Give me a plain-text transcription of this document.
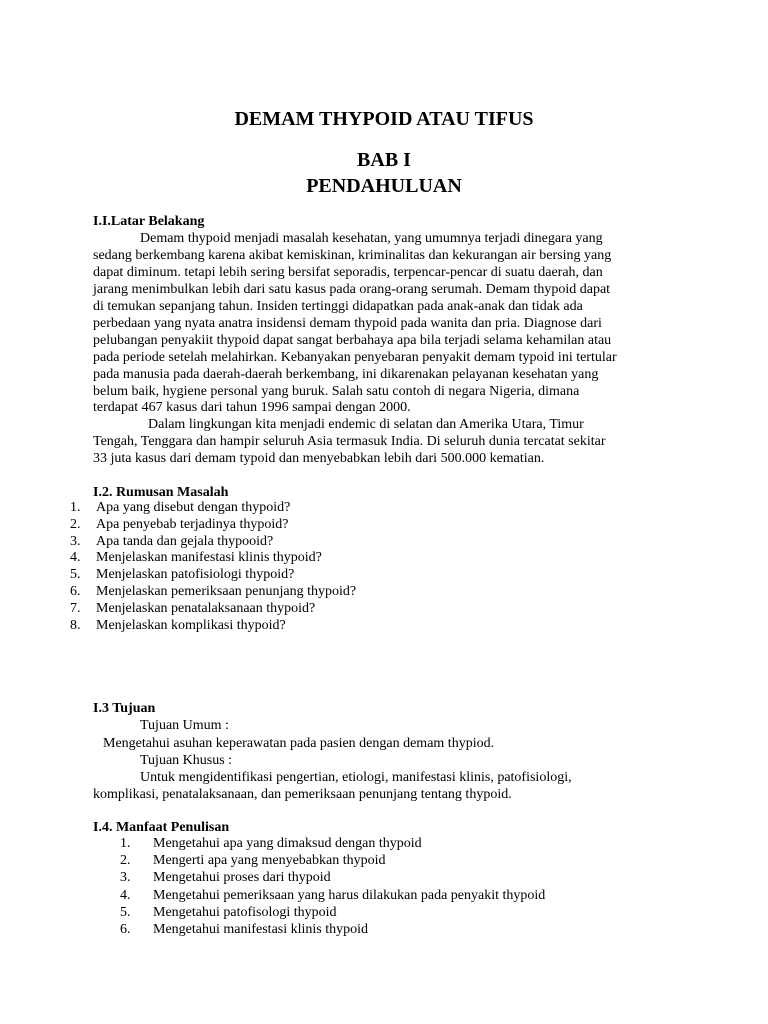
DEMAM THYPOID ATAU TIFUS
BAB I
PENDAHULUAN
I.I.Latar Belakang
Demam thypoid menjadi masalah kesehatan, yang umumnya terjadi dinegara yang
sedang berkembang karena akibat kemiskinan, kriminalitas dan kekurangan air bersing yang
dapat diminum. tetapi lebih sering bersifat seporadis, terpencar-pencar di suatu daerah, dan
jarang menimbulkan lebih dari satu kasus pada orang-orang serumah. Demam thypoid dapat
di temukan sepanjang tahun. Insiden tertinggi didapatkan pada anak-anak dan tidak ada
perbedaan yang nyata anatra insidensi demam thypoid pada wanita dan pria. Diagnose dari
pelubangan penyakiit thypoid dapat sangat berbahaya apa bila terjadi selama kehamilan atau
pada periode setelah melahirkan. Kebanyakan penyebaran penyakit demam typoid ini tertular
pada manusia pada daerah-daerah berkembang, ini dikarenakan pelayanan kesehatan yang
belum baik, hygiene personal yang buruk. Salah satu contoh di negara Nigeria, dimana
terdapat 467 kasus dari tahun 1996 sampai dengan 2000.
Dalam lingkungan kita menjadi endemic di selatan dan Amerika Utara, Timur
Tengah, Tenggara dan hampir seluruh Asia termasuk India. Di seluruh dunia tercatat sekitar
33 juta kasus dari demam typoid dan menyebabkan lebih dari 500.000 kematian.
I.2. Rumusan Masalah
1. Apa yang disebut dengan thypoid?
2. Apa penyebab terjadinya thypoid?
3. Apa tanda dan gejala thypooid?
4. Menjelaskan manifestasi klinis thypoid?
5. Menjelaskan patofisiologi thypoid?
6. Menjelaskan pemeriksaan penunjang thypoid?
7. Menjelaskan penatalaksanaan thypoid?
8. Menjelaskan komplikasi thypoid?
I.3 Tujuan
Tujuan Umum :
Mengetahui asuhan keperawatan pada pasien dengan demam thypiod.
Tujuan Khusus :
Untuk mengidentifikasi pengertian, etiologi, manifestasi klinis, patofisiologi,
komplikasi, penatalaksanaan, dan pemeriksaan penunjang tentang thypoid.
I.4. Manfaat Penulisan
1. Mengetahui apa yang dimaksud dengan thypoid
2. Mengerti apa yang menyebabkan thypoid
3. Mengetahui proses dari thypoid
4. Mengetahui pemeriksaan yang harus dilakukan pada penyakit thypoid
5. Mengetahui patofisologi thypoid
6. Mengetahui manifestasi klinis thypoid
